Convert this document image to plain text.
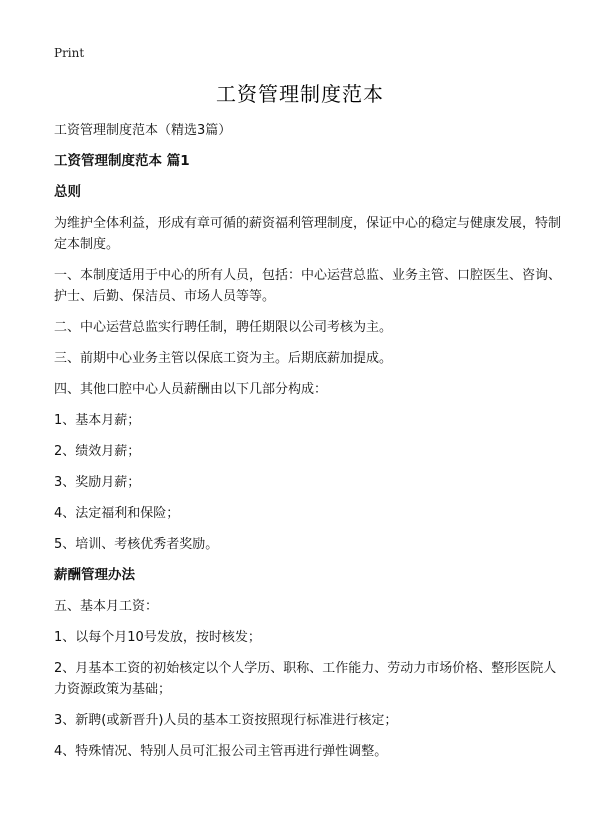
Print
工资管理制度范本

工资管理制度范本（精选3篇）

工资管理制度范本 篇1

总则

为维护全体利益，形成有章可循的薪资福利管理制度，保证中心的稳定与健康发展，特制定本制度。

一、本制度适用于中心的所有人员，包括：中心运营总监、业务主管、口腔医生、咨询、护士、后勤、保洁员、市场人员等等。

二、中心运营总监实行聘任制，聘任期限以公司考核为主。

三、前期中心业务主管以保底工资为主。后期底薪加提成。

四、其他口腔中心人员薪酬由以下几部分构成：

1、基本月薪；

2、绩效月薪；

3、奖励月薪；

4、法定福利和保险；

5、培训、考核优秀者奖励。

薪酬管理办法

五、基本月工资：

1、以每个月10号发放，按时核发；

2、月基本工资的初始核定以个人学历、职称、工作能力、劳动力市场价格、整形医院人力资源政策为基础；

3、新聘(或新晋升)人员的基本工资按照现行标准进行核定；

4、特殊情况、特别人员可汇报公司主管再进行弹性调整。
